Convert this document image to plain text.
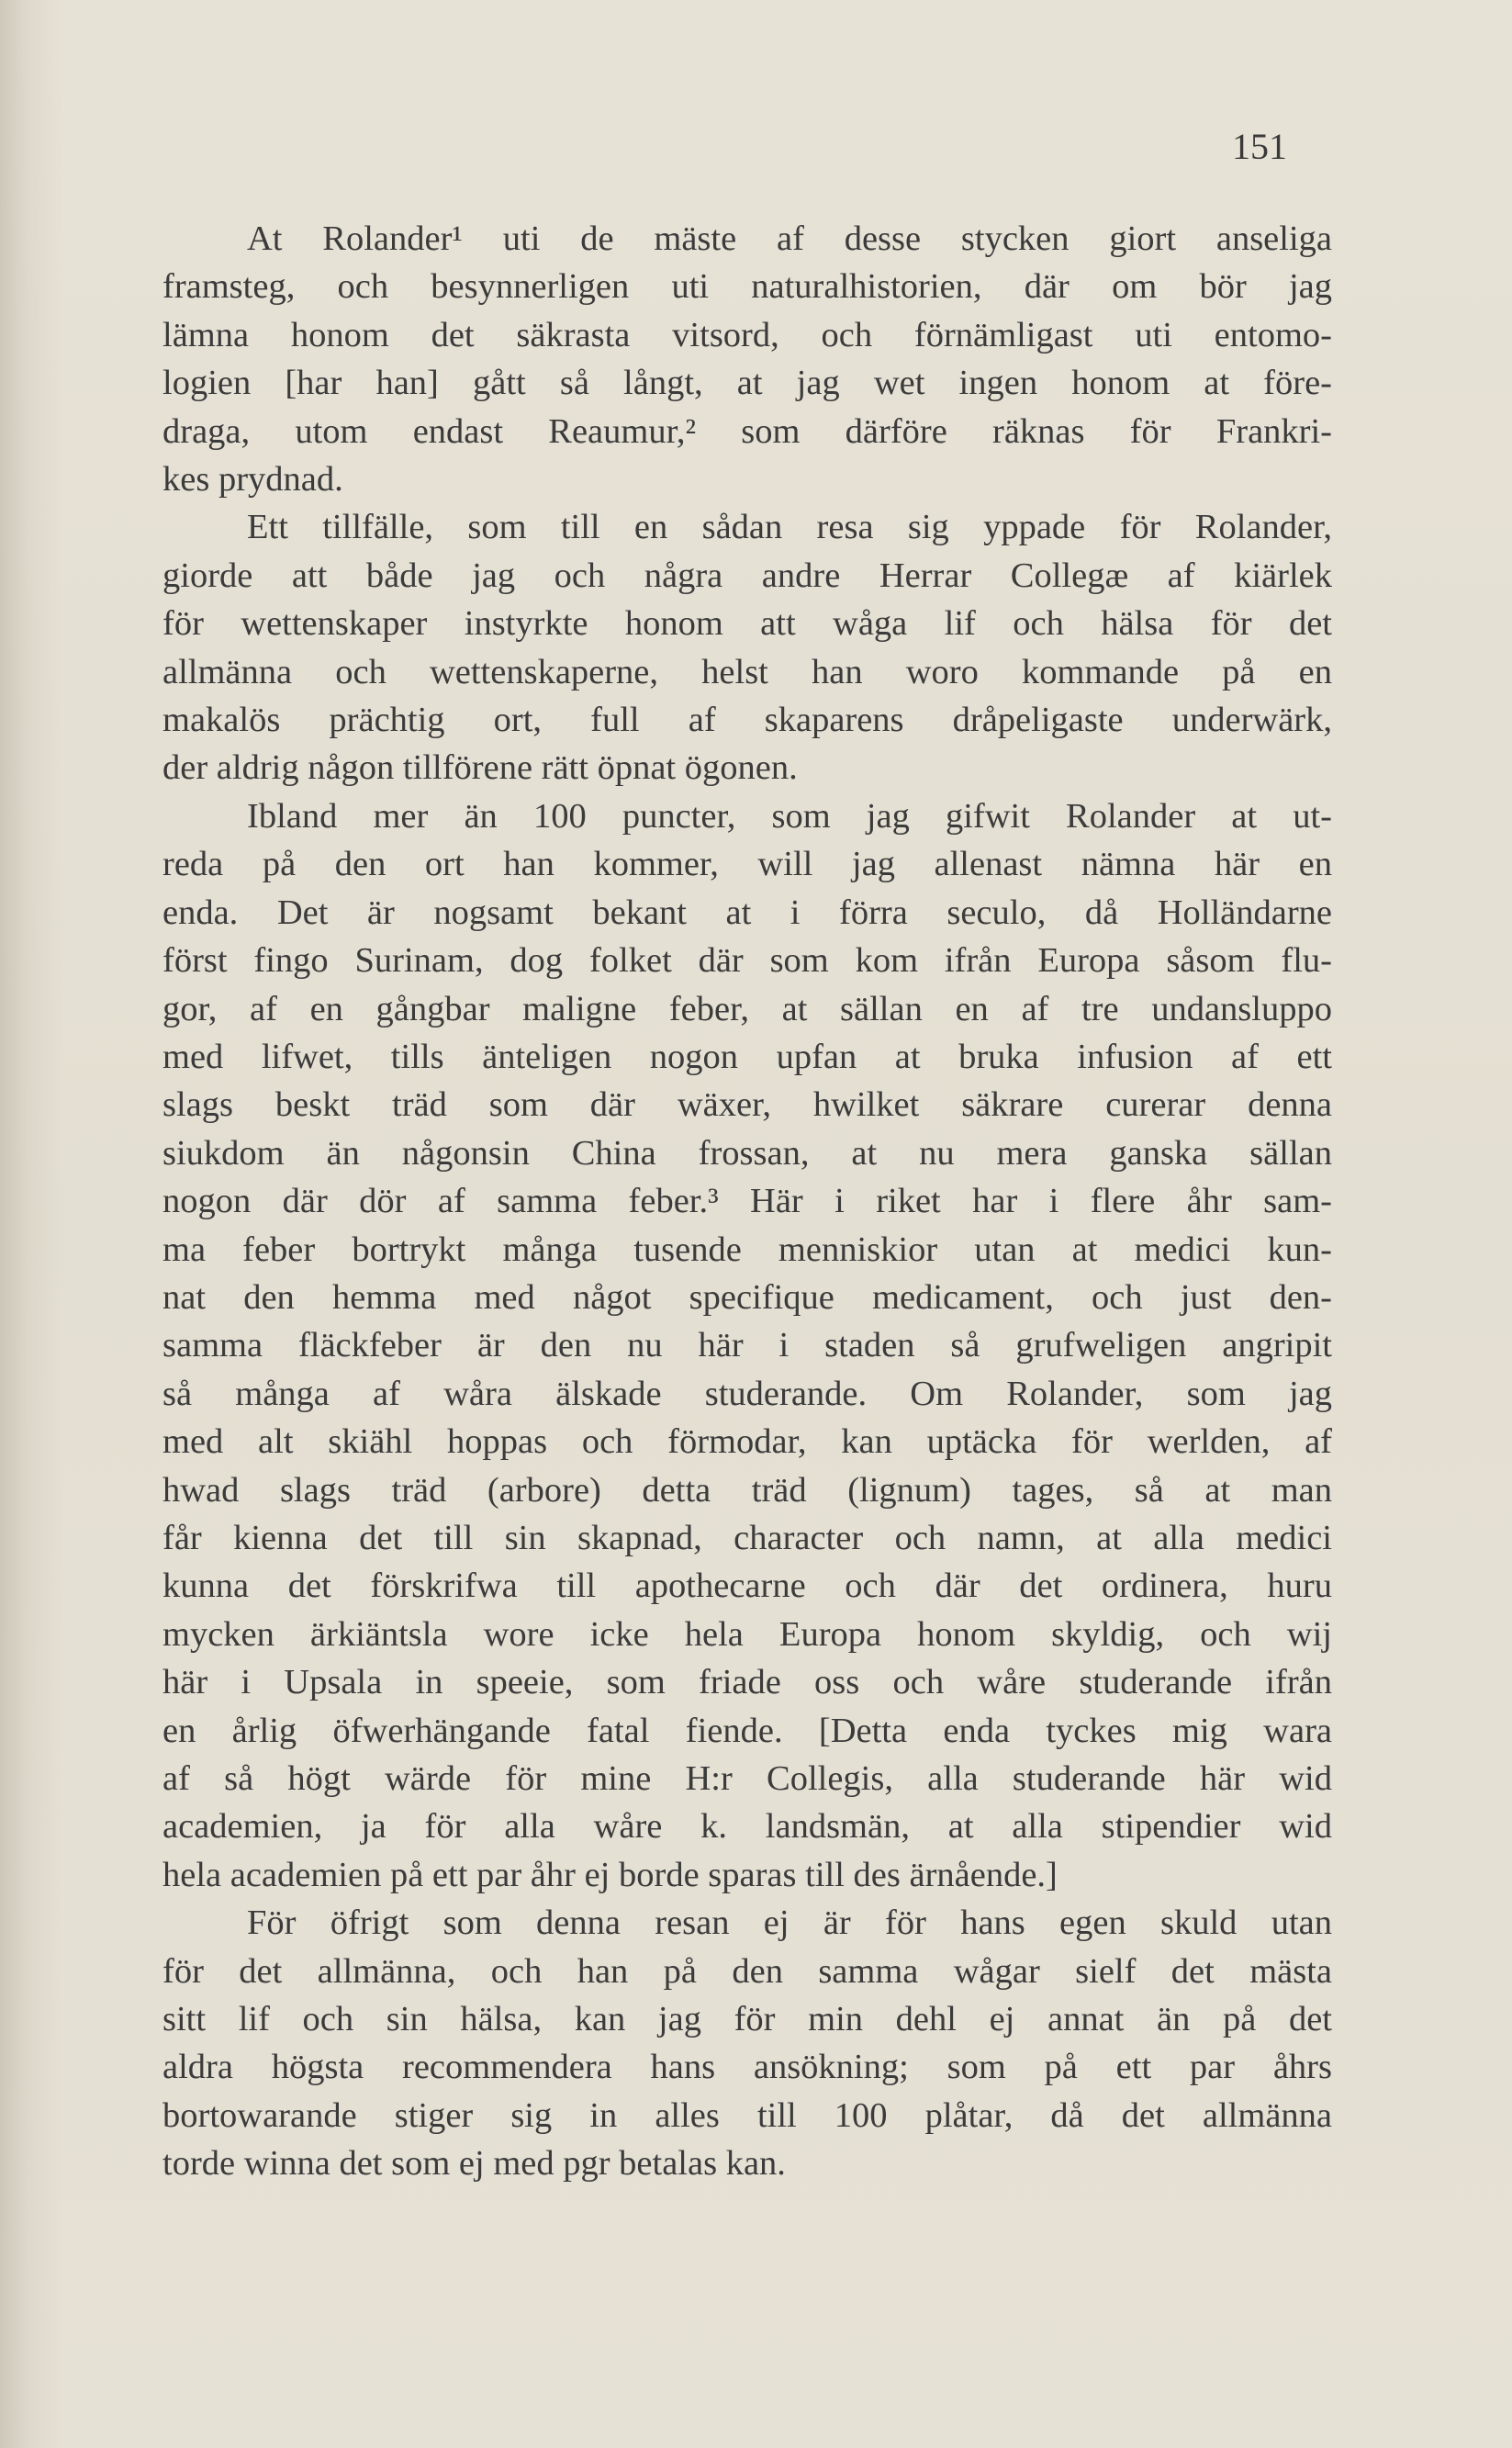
151
At Rolander¹ uti de mäste af desse stycken giort anseliga
framsteg, och besynnerligen uti naturalhistorien, där om bör jag
lämna honom det säkrasta vitsord, och förnämligast uti entomo-
logien [har han] gått så långt, at jag wet ingen honom at före-
draga, utom endast Reaumur,² som därföre räknas för Frankri-
kes prydnad.
Ett tillfälle, som till en sådan resa sig yppade för Rolander,
giorde att både jag och några andre Herrar Collegæ af kiärlek
för wettenskaper instyrkte honom att wåga lif och hälsa för det
allmänna och wettenskaperne, helst han woro kommande på en
makalös prächtig ort, full af skaparens dråpeligaste underwärk,
der aldrig någon tillförene rätt öpnat ögonen.
Ibland mer än 100 puncter, som jag gifwit Rolander at ut-
reda på den ort han kommer, will jag allenast nämna här en
enda. Det är nogsamt bekant at i förra seculo, då Holländarne
först fingo Surinam, dog folket där som kom ifrån Europa såsom flu-
gor, af en gångbar maligne feber, at sällan en af tre undansluppo
med lifwet, tills änteligen nogon upfan at bruka infusion af ett
slags beskt träd som där wäxer, hwilket säkrare curerar denna
siukdom än någonsin China frossan, at nu mera ganska sällan
nogon där dör af samma feber.³ Här i riket har i flere åhr sam-
ma feber bortrykt många tusende menniskior utan at medici kun-
nat den hemma med något specifique medicament, och just den-
samma fläckfeber är den nu här i staden så grufweligen angripit
så många af wåra älskade studerande. Om Rolander, som jag
med alt skiähl hoppas och förmodar, kan uptäcka för werlden, af
hwad slags träd (arbore) detta träd (lignum) tages, så at man
får kienna det till sin skapnad, character och namn, at alla medici
kunna det förskrifwa till apothecarne och där det ordinera, huru
mycken ärkiäntsla wore icke hela Europa honom skyldig, och wij
här i Upsala in speeie, som friade oss och wåre studerande ifrån
en årlig öfwerhängande fatal fiende. [Detta enda tyckes mig wara
af så högt wärde för mine H:r Collegis, alla studerande här wid
academien, ja för alla wåre k. landsmän, at alla stipendier wid
hela academien på ett par åhr ej borde sparas till des ärnående.]
För öfrigt som denna resan ej är för hans egen skuld utan
för det allmänna, och han på den samma wågar sielf det mästa
sitt lif och sin hälsa, kan jag för min dehl ej annat än på det
aldra högsta recommendera hans ansökning; som på ett par åhrs
bortowarande stiger sig in alles till 100 plåtar, då det allmänna
torde winna det som ej med pgr betalas kan.
